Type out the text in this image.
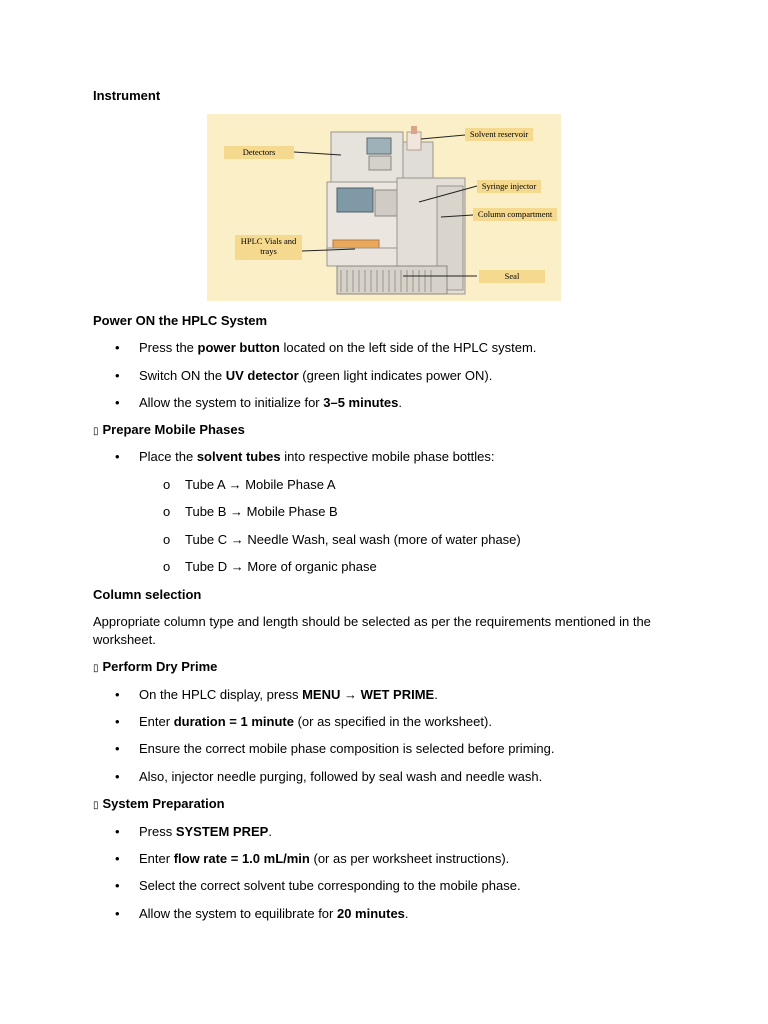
Instrument
Detectors
Solvent reservoir
Syringe injector
Column compartment
HPLC Vials and
trays
Seal
Power ON the HPLC System
• Press the power button located on the left side of the HPLC system.
• Switch ON the UV detector (green light indicates power ON).
• Allow the system to initialize for 3–5 minutes.
▯ Prepare Mobile Phases
• Place the solvent tubes into respective mobile phase bottles:
o Tube A → Mobile Phase A
o Tube B → Mobile Phase B
o Tube C → Needle Wash, seal wash (more of water phase)
o Tube D → More of organic phase
Column selection
Appropriate column type and length should be selected as per the requirements mentioned in the worksheet.
▯ Perform Dry Prime
• On the HPLC display, press MENU → WET PRIME.
• Enter duration = 1 minute (or as specified in the worksheet).
• Ensure the correct mobile phase composition is selected before priming.
• Also, injector needle purging, followed by seal wash and needle wash.
▯ System Preparation
• Press SYSTEM PREP.
• Enter flow rate = 1.0 mL/min (or as per worksheet instructions).
• Select the correct solvent tube corresponding to the mobile phase.
• Allow the system to equilibrate for 20 minutes.
